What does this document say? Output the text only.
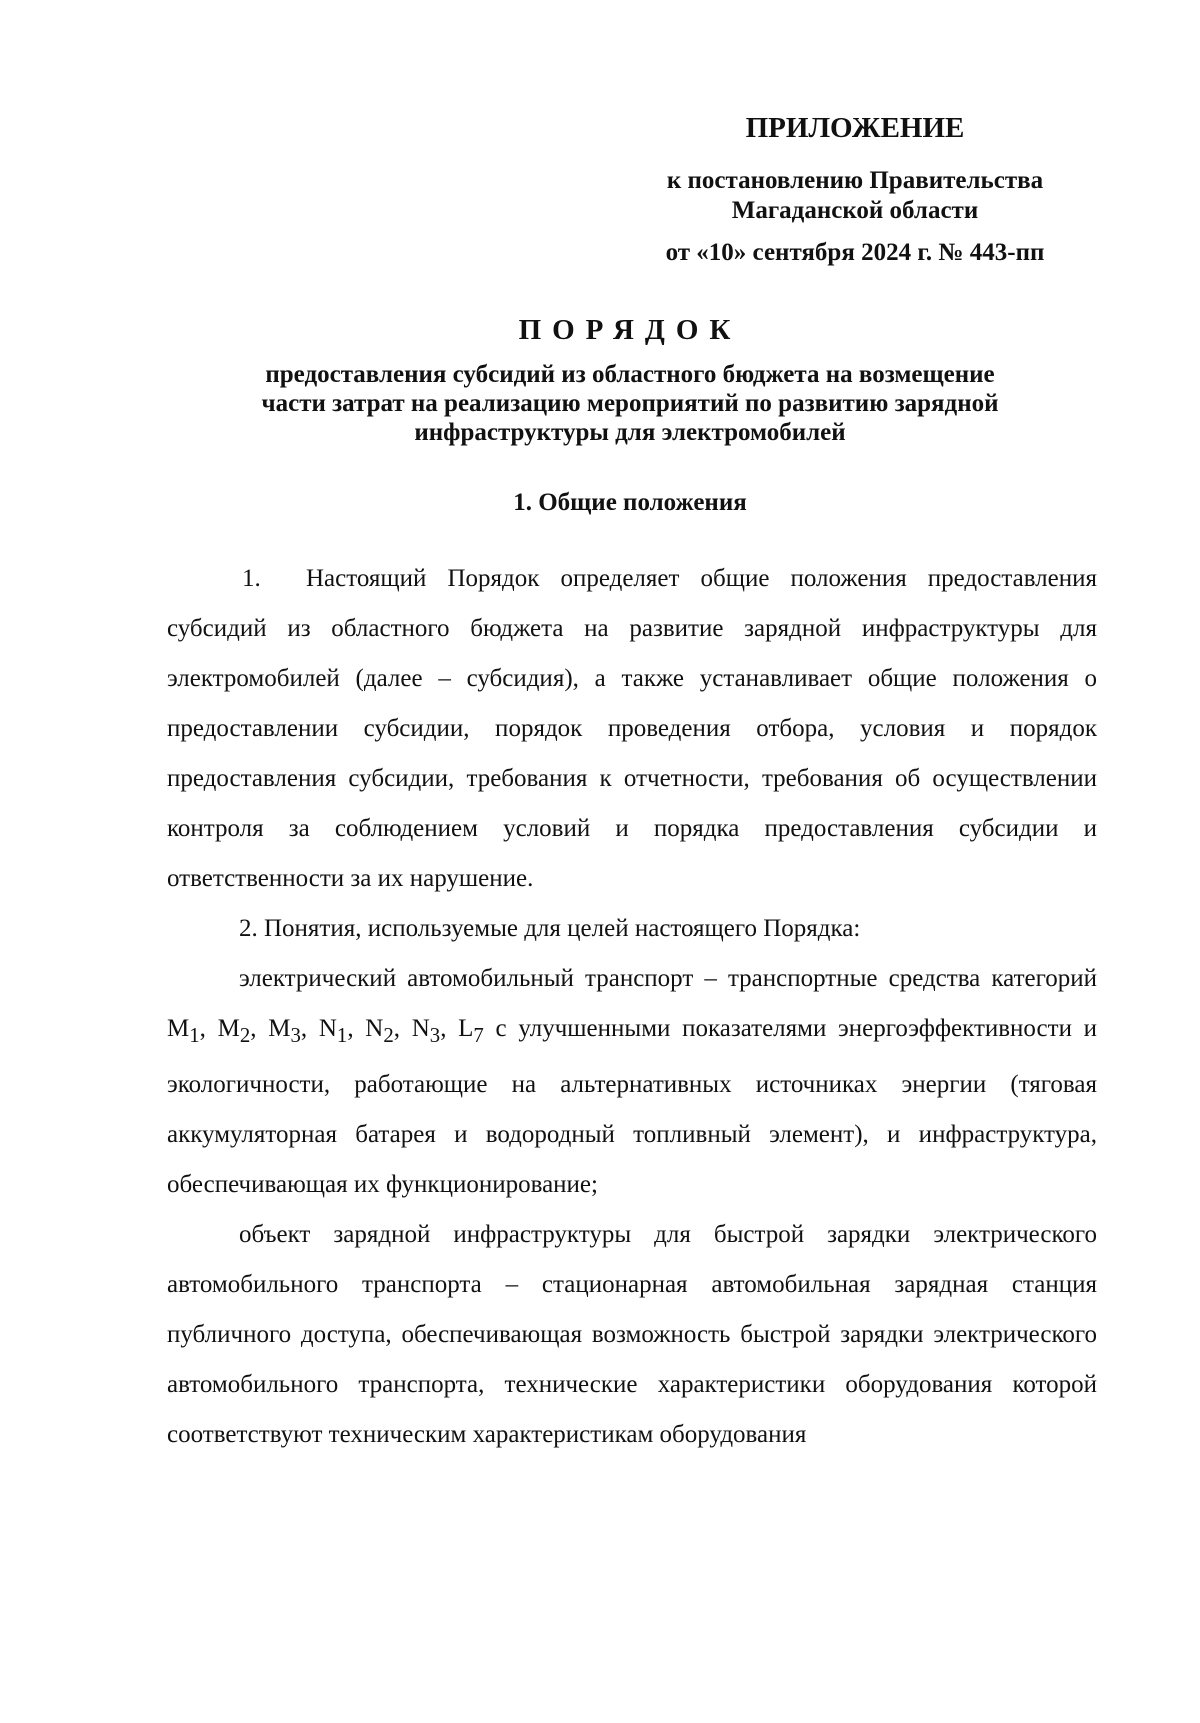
ПРИЛОЖЕНИЕ
к постановлению Правительства
Магаданской области
от «10» сентября 2024 г. № 443-пп
ПОРЯДОК
предоставления субсидий из областного бюджета на возмещение
части затрат на реализацию мероприятий по развитию зарядной
инфраструктуры для электромобилей
1. Общие положения

1. Настоящий Порядок определяет общие положения предоставления субсидий из областного бюджета на развитие зарядной инфраструктуры для электромобилей (далее – субсидия), а также устанавливает общие положения о предоставлении субсидии, порядок проведения отбора, условия и порядок предоставления субсидии, требования к отчетности, требования об осуществлении контроля за соблюдением условий и порядка предоставления субсидии и ответственности за их нарушение.

2. Понятия, используемые для целей настоящего Порядка:

электрический автомобильный транспорт – транспортные средства категорий $M_1$, $M_2$, $M_3$, $N_1$, $N_2$, $N_3$, $L_7$ с улучшенными показателями энергоэффективности и экологичности, работающие на альтернативных источниках энергии (тяговая аккумуляторная батарея и водородный топливный элемент), и инфраструктура, обеспечивающая их функционирование;

объект зарядной инфраструктуры для быстрой зарядки электрического автомобильного транспорта – стационарная автомобильная зарядная станция публичного доступа, обеспечивающая возможность быстрой зарядки электрического автомобильного транспорта, технические характеристики оборудования которой соответствуют техническим характеристикам оборудования
